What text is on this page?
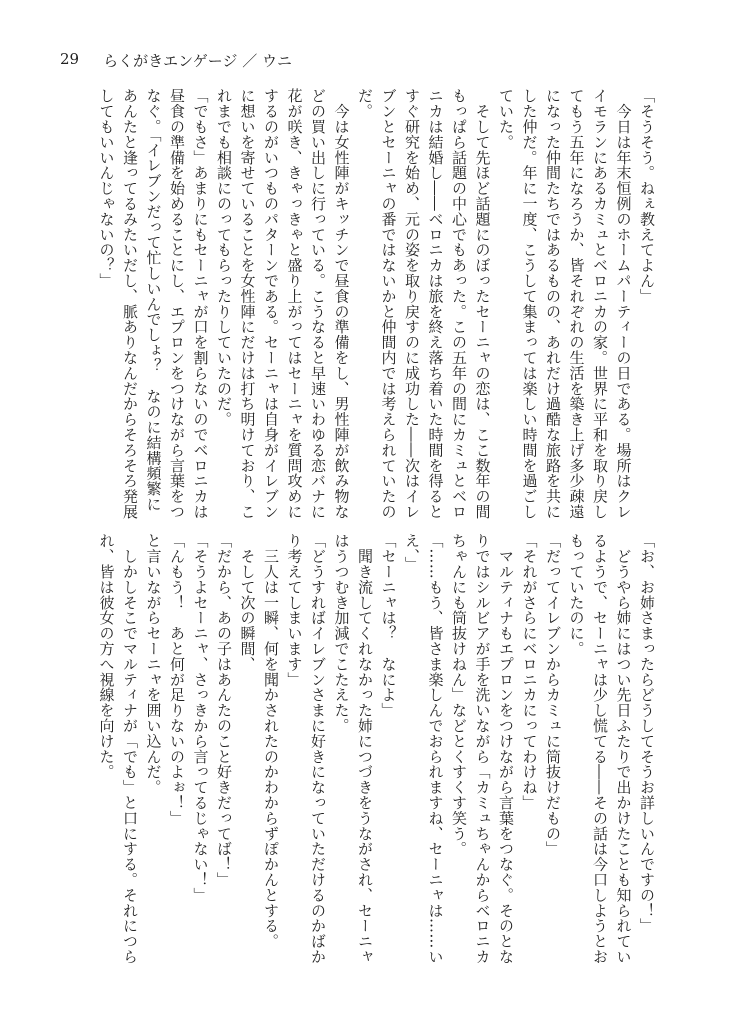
29 らくがきエンゲージ ／ ウニ
「そうそう。ねぇ教えてよん」
　今日は年末恒例のホームパーティーの日である。場所はクレ
イモランにあるカミュとベロニカの家。世界に平和を取り戻し
てもう五年になろうか、皆それぞれの生活を築き上げ多少疎遠
になった仲間たちではあるものの、あれだけ過酷な旅路を共に
した仲だ。年に一度、こうして集まっては楽しい時間を過ごし
ていた。
　そして先ほど話題にのぼったセーニャの恋は、ここ数年の間
もっぱら話題の中心でもあった。この五年の間にカミュとベロ
ニカは結婚し――ベロニカは旅を終え落ち着いた時間を得ると
すぐ研究を始め、元の姿を取り戻すのに成功した――次はイレ
ブンとセーニャの番ではないかと仲間内では考えられていたの
だ。
　今は女性陣がキッチンで昼食の準備をし、男性陣が飲み物な
どの買い出しに行っている。こうなると早速いわゆる恋バナに
花が咲き、きゃっきゃと盛り上がってはセーニャを質問攻めに
するのがいつものパターンである。セーニャは自身がイレブン
に想いを寄せていることを女性陣にだけは打ち明けており、こ
れまでも相談にのってもらったりしていたのだ。
「でもさ」あまりにもセーニャが口を割らないのでベロニカは
昼食の準備を始めることにし、エプロンをつけながら言葉をつ
なぐ。「イレブンだって忙しいんでしょ？　なのに結構頻繁に
あんたと逢ってるみたいだし、脈ありなんだからそろそろ発展
してもいいんじゃないの？」
「お、お姉さまったらどうしてそうお詳しいんですの！」
　どうやら姉にはつい先日ふたりで出かけたことも知られてい
るようで、セーニャは少し慌てる――その話は今口しようとお
もっていたのに。
「だってイレブンからカミュに筒抜けだもの」
「それがさらにベロニカにってわけね」
　マルティナもエプロンをつけながら言葉をつなぐ。そのとな
りではシルビアが手を洗いながら「カミュちゃんからベロニカ
ちゃんにも筒抜けねん」などとくすくす笑う。
「……もう、皆さま楽しんでおられますね、セーニャは……い
え、」
「セーニャは？　なによ」
　聞き流してくれなかった姉につづきをうながされ、セーニャ
はうつむき加減でこたえた。
「どうすればイレブンさまに好きになっていただけるのかばか
り考えてしまいます」
　三人は一瞬、何を聞かされたのかわからずぽかんとする。
　そして次の瞬間、
「だから、あの子はあんたのこと好きだってば！」
「そうよセーニャ、さっきから言ってるじゃない！」
「んもう！　あと何が足りないのよぉ！」
と言いながらセーニャを囲い込んだ。
　しかしそこでマルティナが「でも」と口にする。それにつら
れ、皆は彼女の方へ視線を向けた。
